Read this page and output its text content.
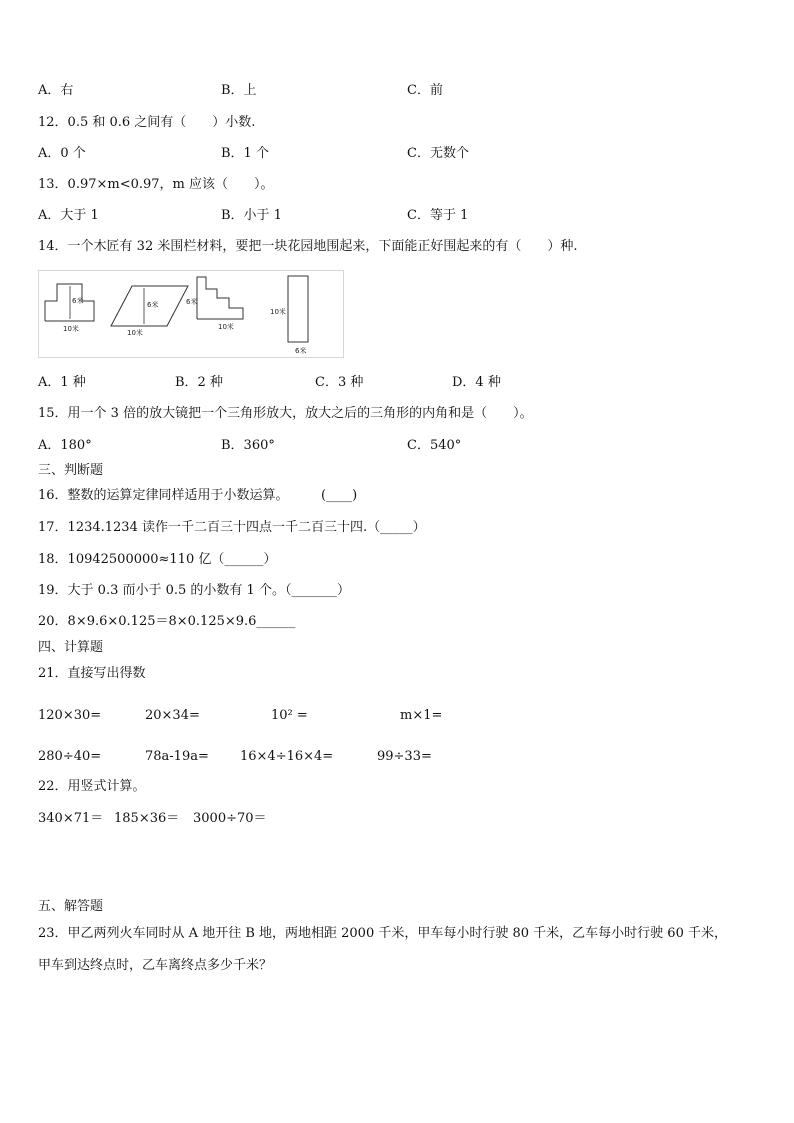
A．右	B．上	C．前
12．0.5 和 0.6 之间有（　　）小数.
A．0 个	B．1 个	C．无数个
13．0.97×m<0.97，m 应该（　　）。
A．大于 1	B．小于 1	C．等于 1
14．一个木匠有 32 米围栏材料，要把一块花园地围起来，下面能正好围起来的有（　　）种.
6米
10米
6米
10米
6米
10米
10米
6米
A．1 种	B．2 种	C．3 种	D．4 种
15．用一个 3 倍的放大镜把一个三角形放大，放大之后的三角形的内角和是（　　）。
A．180°	B．360°	C．540°
三、判断题
16．整数的运算定律同样适用于小数运算。　　　(____)
17．1234.1234 读作一千二百三十四点一千二百三十四.（_____）
18．10942500000≈110 亿（______）
19．大于 0.3 而小于 0.5 的小数有 1 个。（_______）
20．8×9.6×0.125＝8×0.125×9.6______
四、计算题
21．直接写出得数
120×30=	20×34=	10² =	m×1=
280÷40=	78a-19a= 16×4÷16×4=	99÷33=
22．用竖式计算。
340×71＝ 185×36＝ 3000÷70＝
五、解答题
23．甲乙两列火车同时从 A 地开往 B 地，两地相距 2000 千米，甲车每小时行驶 80 千米，乙车每小时行驶 60 千米，
甲车到达终点时，乙车离终点多少千米？
